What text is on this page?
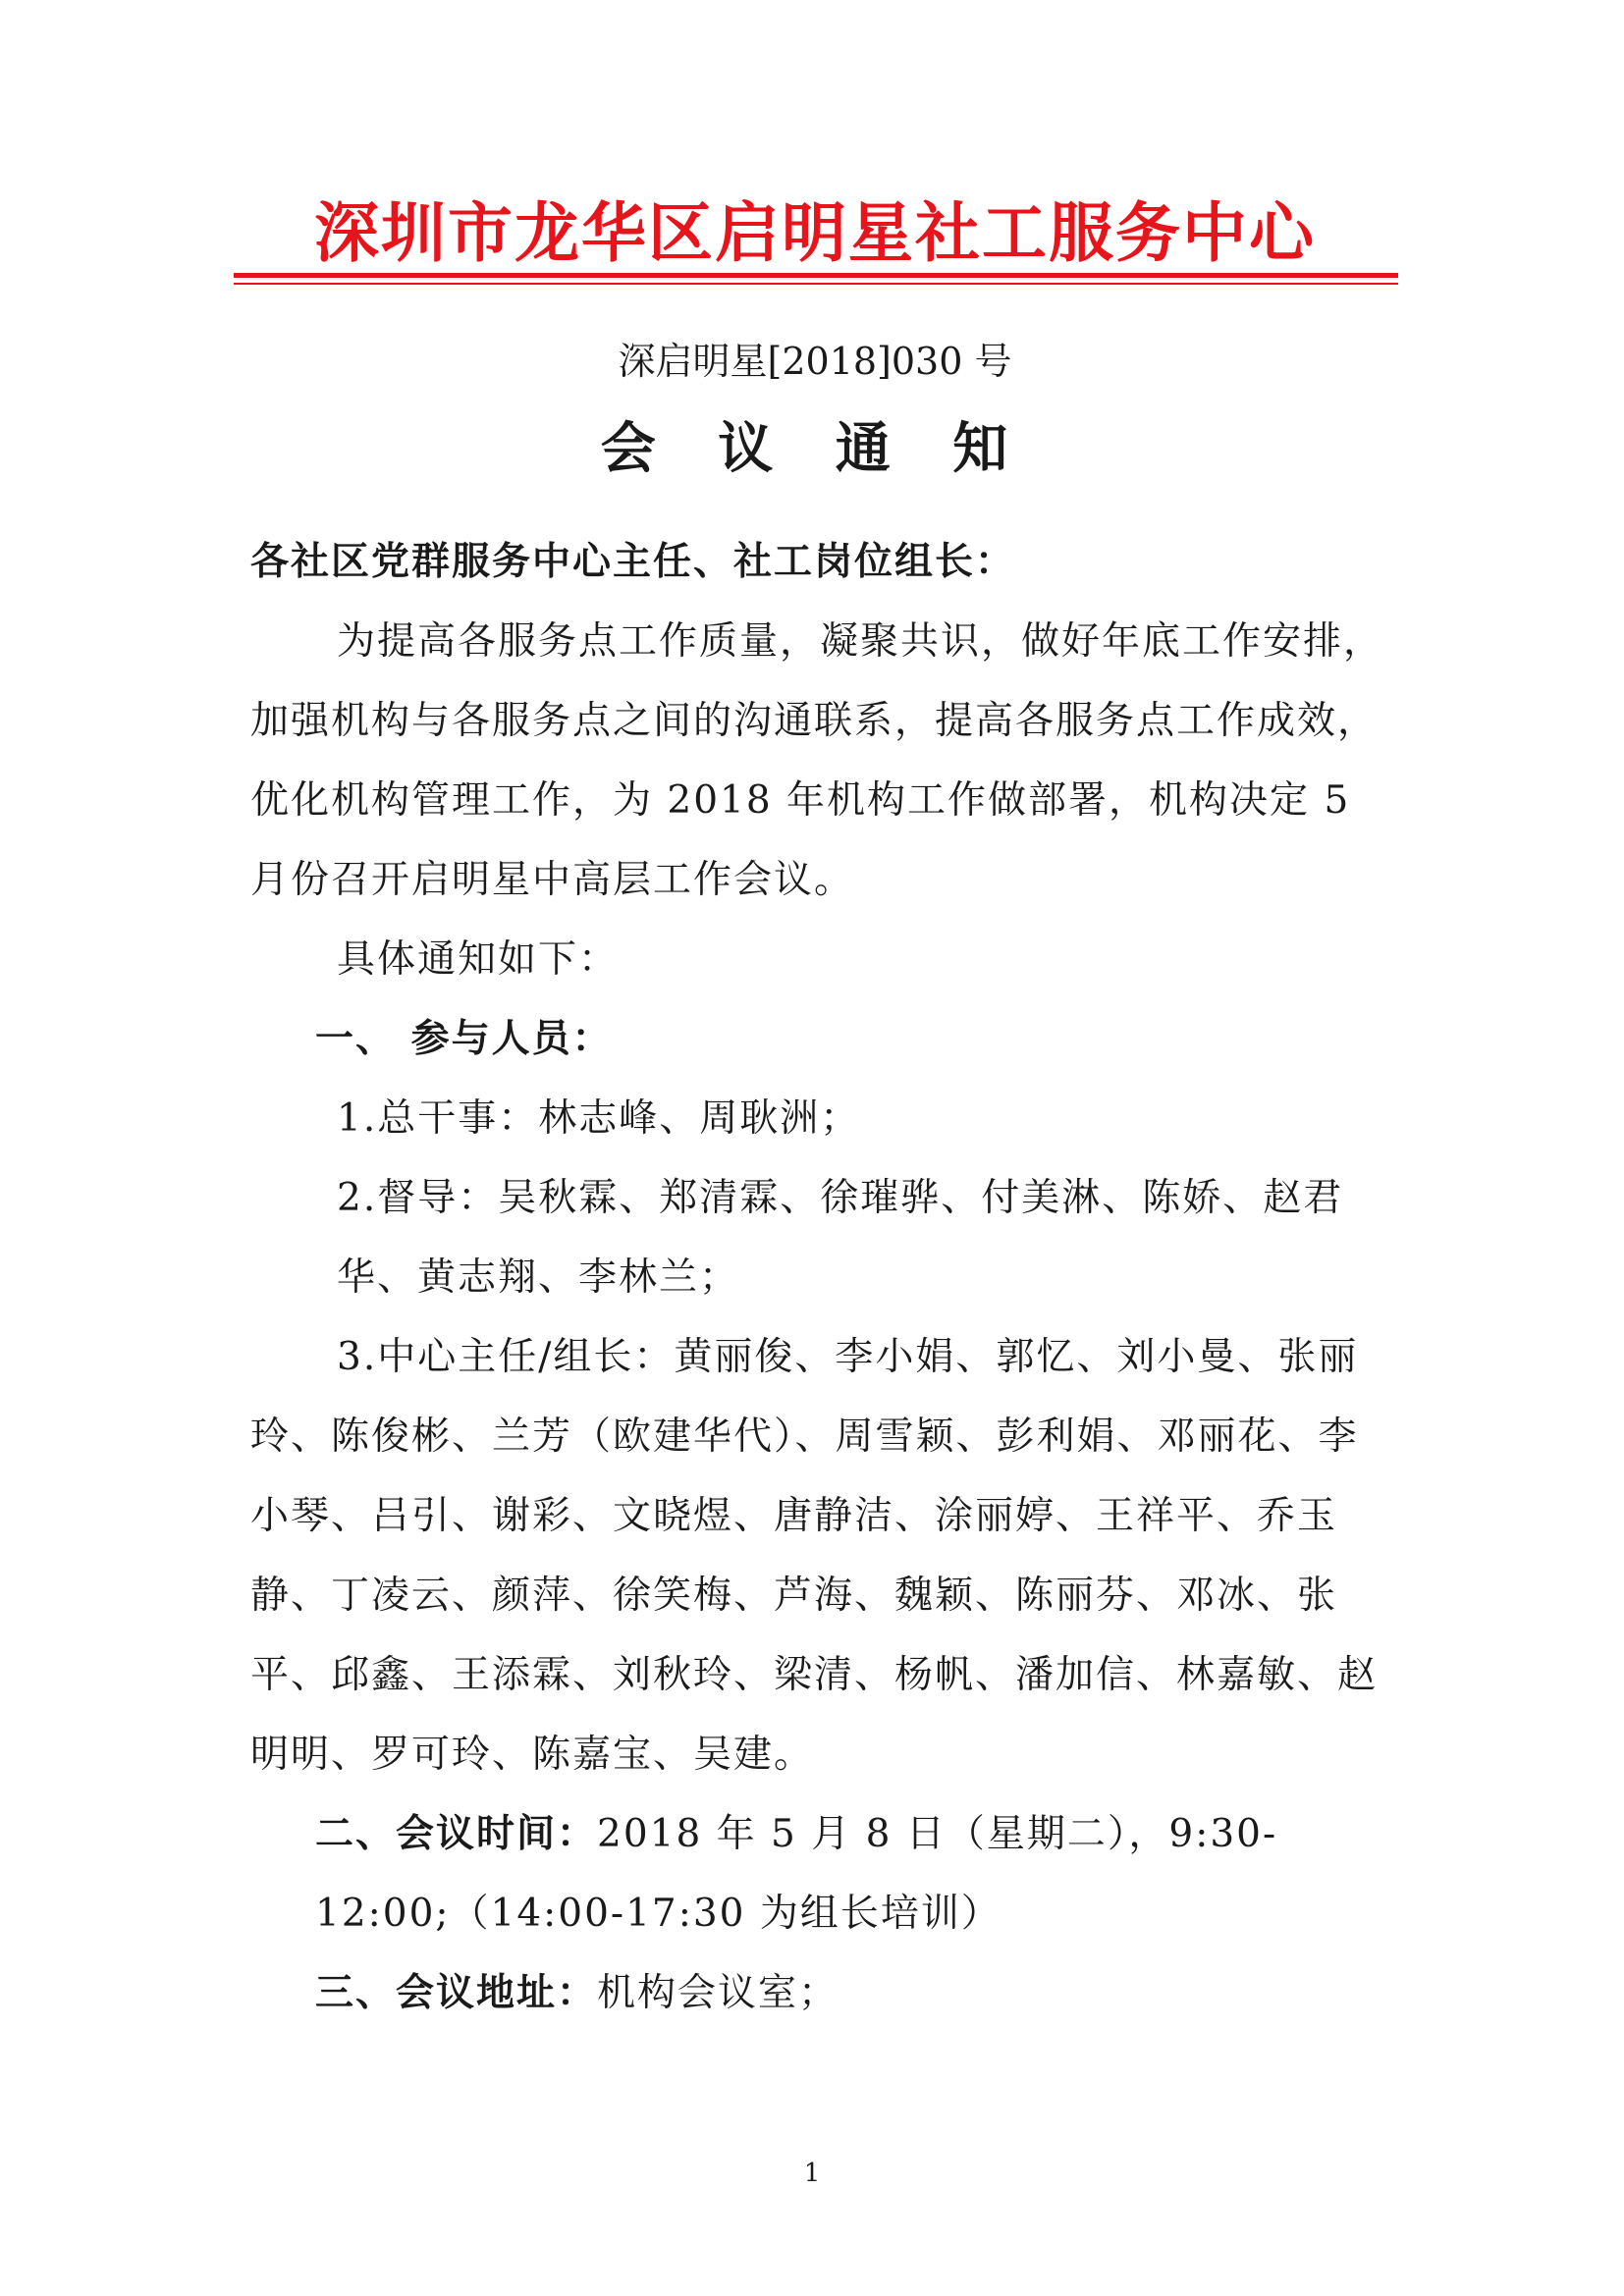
深圳市龙华区启明星社工服务中心
深启明星[2018]030 号
会 议 通 知

各社区党群服务中心主任、社工岗位组长：

为提高各服务点工作质量，凝聚共识，做好年底工作安排，加强机构与各服务点之间的沟通联系，提高各服务点工作成效，优化机构管理工作，为 2018 年机构工作做部署，机构决定 5 月份召开启明星中高层工作会议。

具体通知如下：

一、 参与人员：

1.总干事：林志峰、周耿洲；

2.督导：吴秋霖、郑清霖、徐璀骅、付美淋、陈娇、赵君华、黄志翔、李林兰；

3.中心主任/组长：黄丽俊、李小娟、郭忆、刘小曼、张丽玲、陈俊彬、兰芳（欧建华代）、周雪颖、彭利娟、邓丽花、李小琴、吕引、谢彩、文晓煜、唐静洁、涂丽婷、王祥平、乔玉静、丁凌云、颜萍、徐笑梅、芦海、魏颖、陈丽芬、邓冰、张平、邱鑫、王添霖、刘秋玲、梁清、杨帆、潘加信、林嘉敏、赵明明、罗可玲、陈嘉宝、吴建。

二、会议时间：2018 年 5 月 8 日（星期二），9:30-12:00;（14:00-17:30 为组长培训）

三、会议地址：机构会议室；

1
